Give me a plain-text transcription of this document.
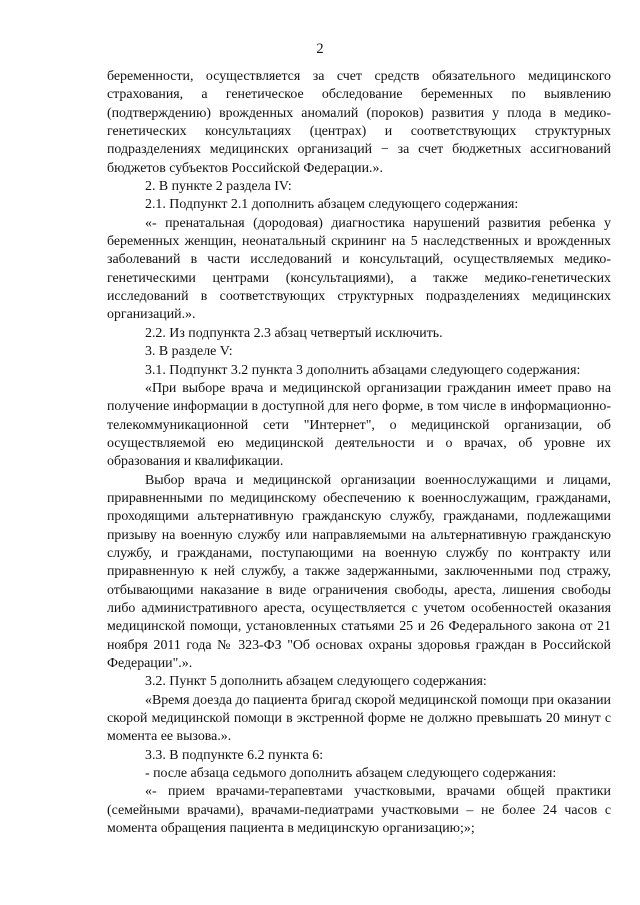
2

беременности, осуществляется за счет средств обязательного медицинского страхования, а генетическое обследование беременных по выявлению (подтверждению) врожденных аномалий (пороков) развития у плода в медико-генетических консультациях (центрах) и соответствующих структурных подразделениях медицинских организаций − за счет бюджетных ассигнований бюджетов субъектов Российской Федерации.».

2. В пункте 2 раздела IV:

2.1. Подпункт 2.1 дополнить абзацем следующего содержания:

«- пренатальная (дородовая) диагностика нарушений развития ребенка у беременных женщин, неонатальный скрининг на 5 наследственных и врожденных заболеваний в части исследований и консультаций, осуществляемых медико-генетическими центрами (консультациями), а также медико-генетических исследований в соответствующих структурных подразделениях медицинских организаций.».

2.2. Из подпункта 2.3 абзац четвертый исключить.

3. В разделе V:

3.1. Подпункт 3.2 пункта 3 дополнить абзацами следующего содержания:

«При выборе врача и медицинской организации гражданин имеет право на получение информации в доступной для него форме, в том числе в информационно-телекоммуникационной сети "Интернет", о медицинской организации, об осуществляемой ею медицинской деятельности и о врачах, об уровне их образования и квалификации.

Выбор врача и медицинской организации военнослужащими и лицами, приравненными по медицинскому обеспечению к военнослужащим, гражданами, проходящими альтернативную гражданскую службу, гражданами, подлежащими призыву на военную службу или направляемыми на альтернативную гражданскую службу, и гражданами, поступающими на военную службу по контракту или приравненную к ней службу, а также задержанными, заключенными под стражу, отбывающими наказание в виде ограничения свободы, ареста, лишения свободы либо административного ареста, осуществляется с учетом особенностей оказания медицинской помощи, установленных статьями 25 и 26 Федерального закона от 21 ноября 2011 года № 323-ФЗ "Об основах охраны здоровья граждан в Российской Федерации".».

3.2. Пункт 5 дополнить абзацем следующего содержания:

«Время доезда до пациента бригад скорой медицинской помощи при оказании скорой медицинской помощи в экстренной форме не должно превышать 20 минут с момента ее вызова.».

3.3. В подпункте 6.2 пункта 6:

- после абзаца седьмого дополнить абзацем следующего содержания:

«- прием врачами-терапевтами участковыми, врачами общей практики (семейными врачами), врачами-педиатрами участковыми – не более 24 часов с момента обращения пациента в медицинскую организацию;»;
